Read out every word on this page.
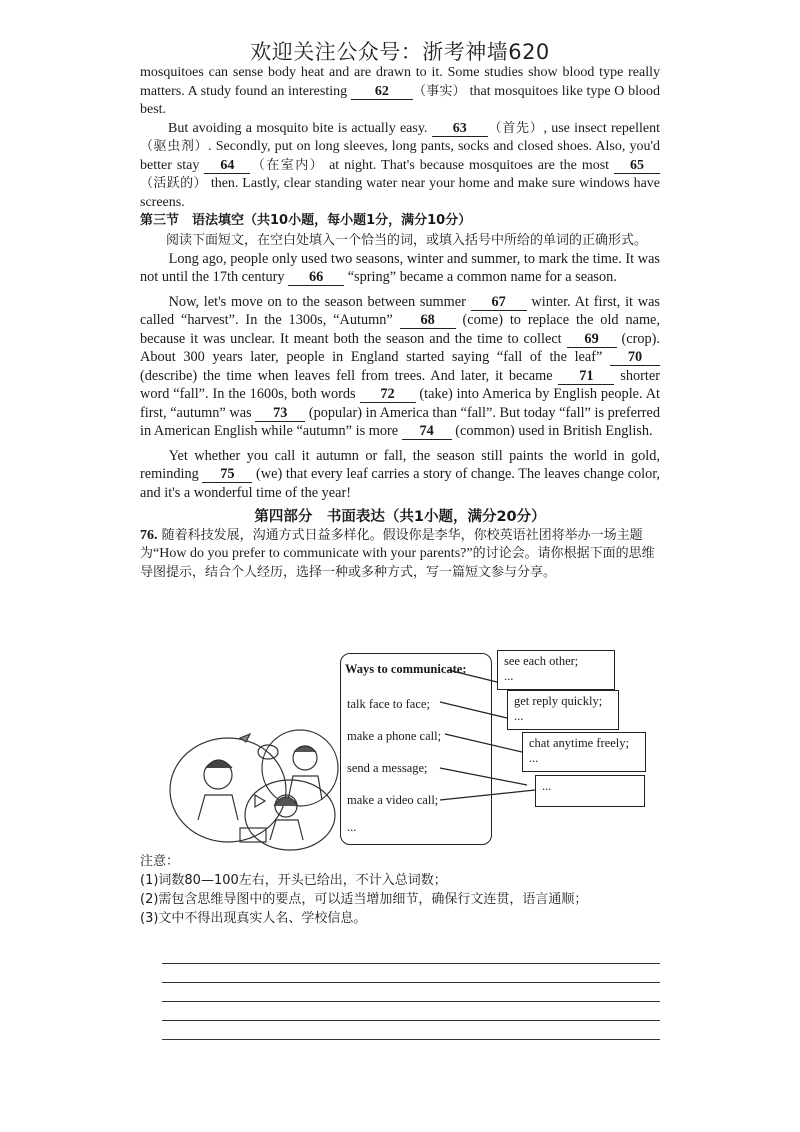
欢迎关注公众号：浙考神墙620

mosquitoes can sense body heat and are drawn to it. Some studies show blood type really matters. A study found an interesting 62 （事实） that mosquitoes like type O blood best.

But avoiding a mosquito bite is actually easy. 63 （首先）, use insect repellent（驱虫剂）. Secondly, put on long sleeves, long pants, socks and closed shoes. Also, you'd better stay 64 （在室内） at night. That's because mosquitoes are the most 65（活跃的） then. Lastly, clear standing water near your home and make sure windows have screens.

第三节　语法填空（共10小题，每小题1分，满分10分）

阅读下面短文，在空白处填入一个恰当的词，或填入括号中所给的单词的正确形式。

Long ago, people only used two seasons, winter and summer, to mark the time. It was not until the 17th century 66 “spring” became a common name for a season.

Now, let's move on to the season between summer 67 winter. At first, it was called “harvest”. In the 1300s, “Autumn” 68 (come) to replace the old name, because it was unclear. It meant both the season and the time to collect 69 (crop). About 300 years later, people in England started saying “fall of the leaf” 70 (describe) the time when leaves fell from trees. And later, it became 71 shorter word “fall”. In the 1600s, both words 72 (take) into America by English people. At first, “autumn” was 73 (popular) in America than “fall”. But today “fall” is preferred in American English while “autumn” is more 74 (common) used in British English.

Yet whether you call it autumn or fall, the season still paints the world in gold, reminding 75 (we) that every leaf carries a story of change. The leaves change color, and it's a wonderful time of the year!

第四部分　书面表达（共1小题，满分20分）

76. 随着科技发展，沟通方式日益多样化。假设你是李华，你校英语社团将举办一场主题为“How do you prefer to communicate with your parents?”的讨论会。请你根据下面的思维导图提示，结合个人经历，选择一种或多种方式，写一篇短文参与分享。

Ways to communicate:
talk face to face;
make a phone call;
send a message;
make a video call;
...
see each other;
...
get reply quickly;
...
chat anytime freely;
...
...

注意：

(1)词数80—100左右，开头已给出，不计入总词数；

(2)需包含思维导图中的要点，可以适当增加细节，确保行文连贯，语言通顺；

(3)文中不得出现真实人名、学校信息。
